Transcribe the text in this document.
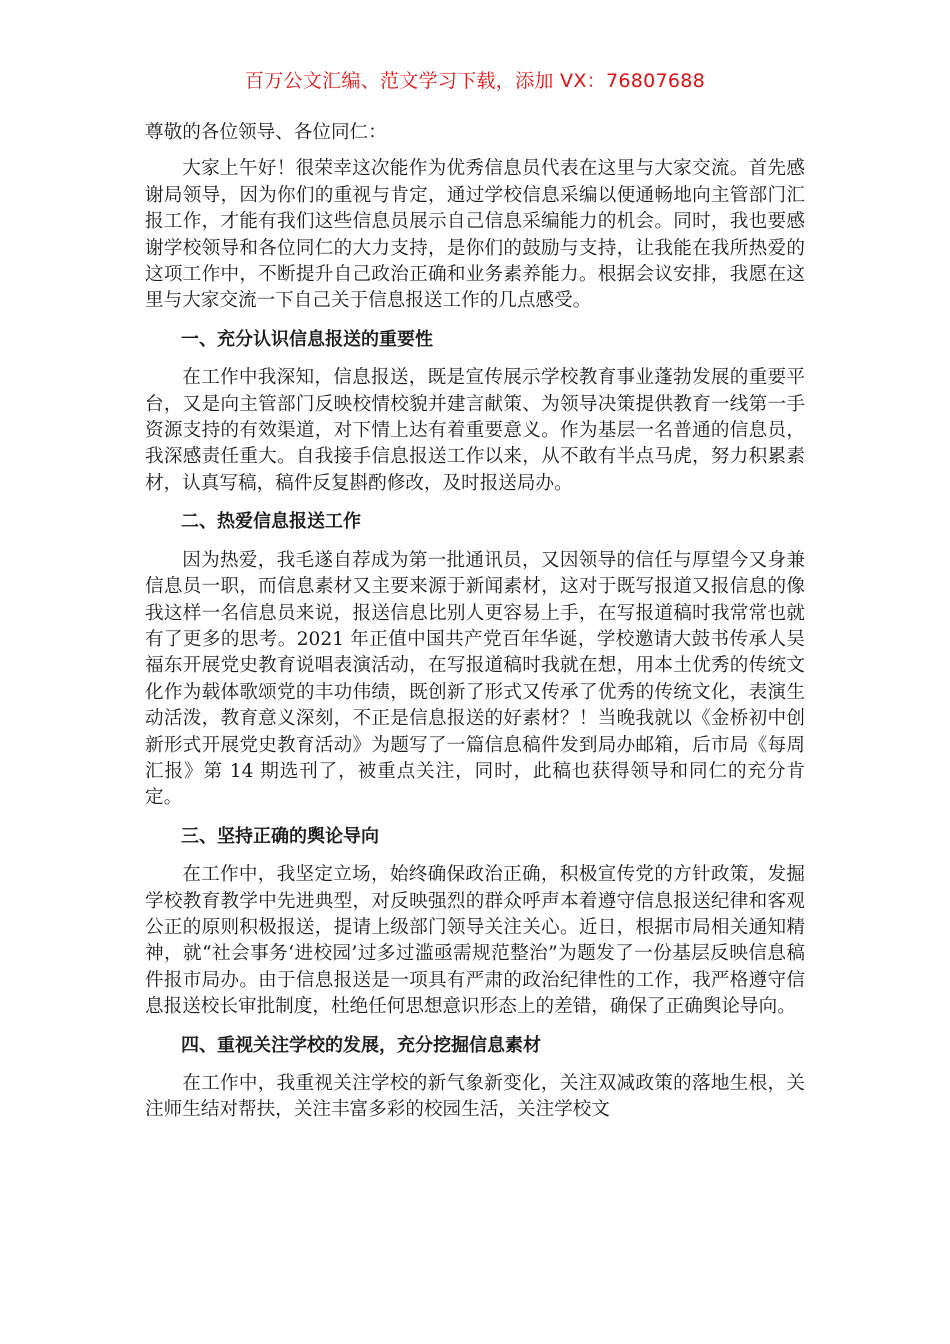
百万公文汇编、范文学习下载，添加 VX：76807688

尊敬的各位领导、各位同仁：

大家上午好！很荣幸这次能作为优秀信息员代表在这里与大家交流。首先感谢局领导，因为你们的重视与肯定，通过学校信息采编以便通畅地向主管部门汇报工作，才能有我们这些信息员展示自己信息采编能力的机会。同时，我也要感谢学校领导和各位同仁的大力支持，是你们的鼓励与支持，让我能在我所热爱的这项工作中，不断提升自己政治正确和业务素养能力。根据会议安排，我愿在这里与大家交流一下自己关于信息报送工作的几点感受。

一、充分认识信息报送的重要性

在工作中我深知，信息报送，既是宣传展示学校教育事业蓬勃发展的重要平台，又是向主管部门反映校情校貌并建言献策、为领导决策提供教育一线第一手资源支持的有效渠道，对下情上达有着重要意义。作为基层一名普通的信息员，我深感责任重大。自我接手信息报送工作以来，从不敢有半点马虎，努力积累素材，认真写稿，稿件反复斟酌修改，及时报送局办。

二、热爱信息报送工作

因为热爱，我毛遂自荐成为第一批通讯员，又因领导的信任与厚望今又身兼信息员一职，而信息素材又主要来源于新闻素材，这对于既写报道又报信息的像我这样一名信息员来说，报送信息比别人更容易上手，在写报道稿时我常常也就有了更多的思考。2021 年正值中国共产党百年华诞，学校邀请大鼓书传承人吴福东开展党史教育说唱表演活动，在写报道稿时我就在想，用本土优秀的传统文化作为载体歌颂党的丰功伟绩，既创新了形式又传承了优秀的传统文化，表演生动活泼，教育意义深刻，不正是信息报送的好素材？！当晚我就以《金桥初中创新形式开展党史教育活动》为题写了一篇信息稿件发到局办邮箱，后市局《每周汇报》第 14 期选刊了，被重点关注，同时，此稿也获得领导和同仁的充分肯定。

三、坚持正确的舆论导向

在工作中，我坚定立场，始终确保政治正确，积极宣传党的方针政策，发掘学校教育教学中先进典型，对反映强烈的群众呼声本着遵守信息报送纪律和客观公正的原则积极报送，提请上级部门领导关注关心。近日，根据市局相关通知精神，就“社会事务‘进校园’过多过滥亟需规范整治”为题发了一份基层反映信息稿件报市局办。由于信息报送是一项具有严肃的政治纪律性的工作，我严格遵守信息报送校长审批制度，杜绝任何思想意识形态上的差错，确保了正确舆论导向。

四、重视关注学校的发展，充分挖掘信息素材

在工作中，我重视关注学校的新气象新变化，关注双减政策的落地生根，关注师生结对帮扶，关注丰富多彩的校园生活，关注学校文
